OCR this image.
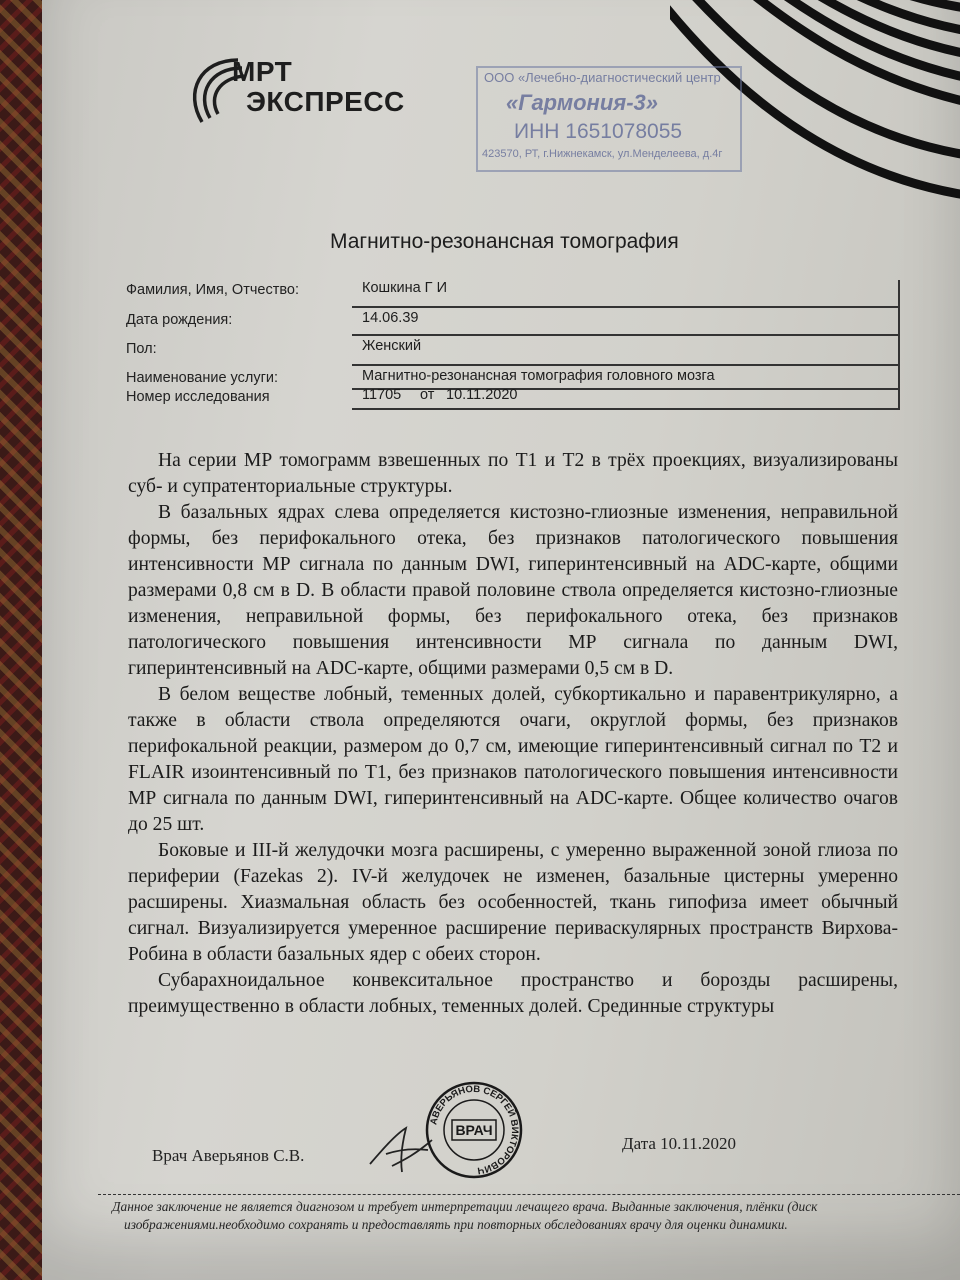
МРТ
ЭКСПРЕСС
ООО «Лечебно-диагностический центр
«Гармония-3»
ИНН 1651078055
423570, РТ, г.Нижнекамск, ул.Менделеева, д.4г
Магнитно-резонансная томография
Фамилия, Имя, Отчество:	Кошкина Г И
Дата рождения:	14.06.39
Пол:	Женский
Наименование услуги:	Магнитно-резонансная томография головного мозга
Номер исследования	11705 от 10.11.2020

На серии МР томограмм взвешенных по Т1 и Т2 в трёх проекциях, визуализированы суб- и супратенториальные структуры.

В базальных ядрах слева определяется кистозно-глиозные изменения, неправильной формы, без перифокального отека, без признаков патологического повышения интенсивности МР сигнала по данным DWI, гиперинтенсивный на ADC-карте, общими размерами 0,8 см в D. В области правой половине ствола определяется кистозно-глиозные изменения, неправильной формы, без перифокального отека, без признаков патологического повышения интенсивности МР сигнала по данным DWI, гиперинтенсивный на ADC-карте, общими размерами 0,5 см в D.

В белом веществе лобный, теменных долей, субкортикально и паравентрикулярно, а также в области ствола определяются очаги, округлой формы, без признаков перифокальной реакции, размером до 0,7 см, имеющие гиперинтенсивный сигнал по Т2 и FLAIR изоинтенсивный по Т1, без признаков патологического повышения интенсивности МР сигнала по данным DWI, гиперинтенсивный на ADC-карте. Общее количество очагов до 25 шт.

Боковые и III-й желудочки мозга расширены, с умеренно выраженной зоной глиоза по периферии (Fazekas 2). IV-й желудочек не изменен, базальные цистерны умеренно расширены. Хиазмальная область без особенностей, ткань гипофиза имеет обычный сигнал. Визуализируется умеренное расширение периваскулярных пространств Вирхова-Робина в области базальных ядер с обеих сторон.

Субарахноидальное конвекситальное пространство и борозды расширены, преимущественно в области лобных, теменных долей. Срединные структуры

Врач Аверьянов С.В.
АВЕРЬЯНОВ СЕРГЕЙ ВИКТОРОВИЧ
ВРАЧ
Дата 10.11.2020
Данное заключение не является диагнозом и требует интерпретации лечащего врача. Выданные заключения, плёнки (диск
изображениями.необходимо сохранять и предоставлять при повторных обследованиях врачу для оценки динамики.
